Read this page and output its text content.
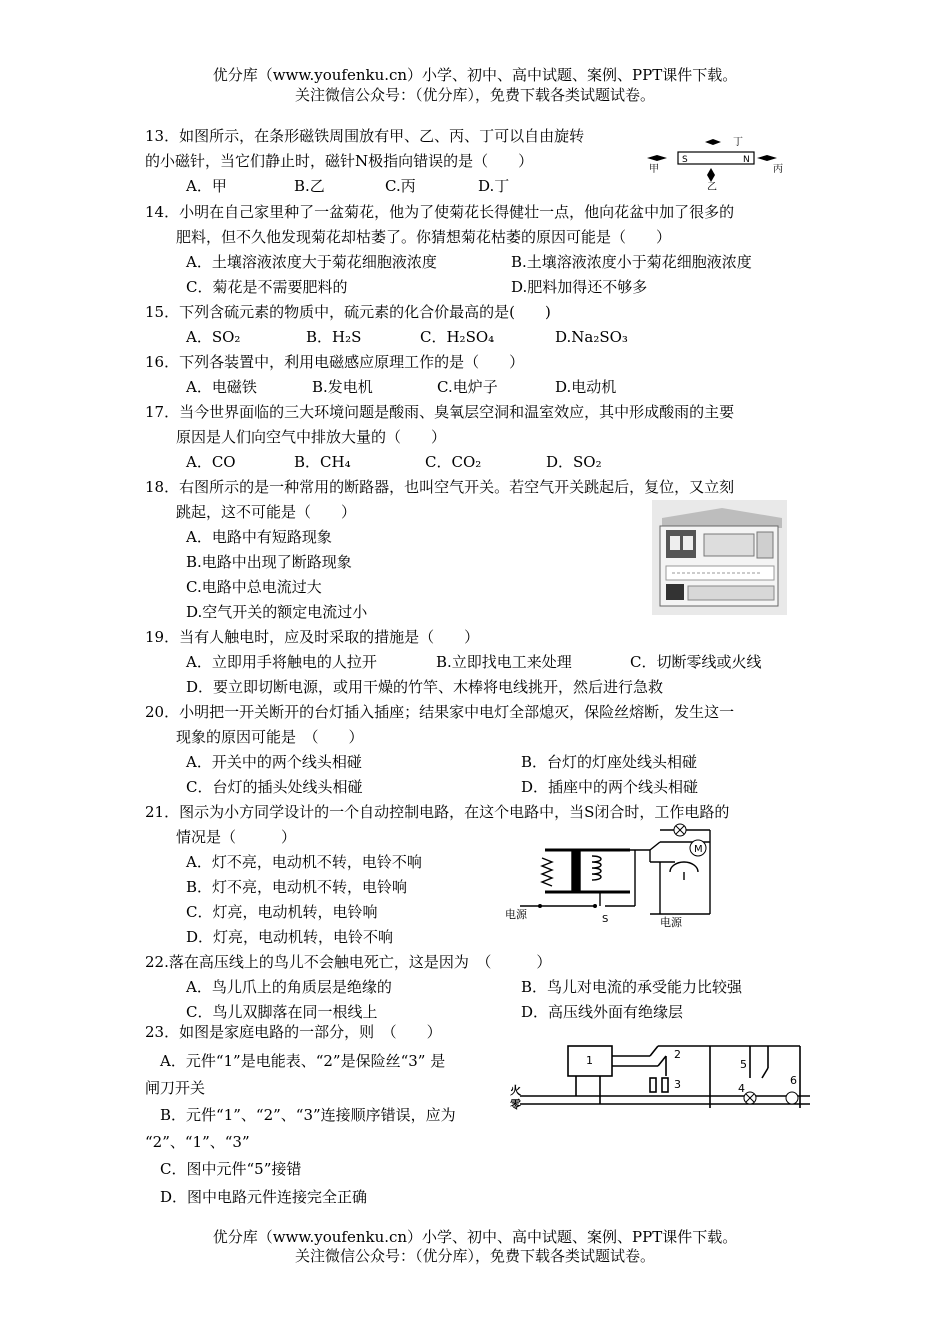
优分库（www.youfenku.cn）小学、初中、高中试题、案例、PPT课件下载。
关注微信公众号：（优分库），免费下载各类试题试卷。
13．如图所示，在条形磁铁周围放有甲、乙、丙、丁可以自由旋转
的小磁针，当它们静止时，磁针N极指向错误的是（　　）
A．甲	B.乙	C.丙	D.丁
S	N
丁
甲	丙
乙
14．小明在自己家里种了一盆菊花，他为了使菊花长得健壮一点，他向花盆中加了很多的
肥料，但不久他发现菊花却枯萎了。你猜想菊花枯萎的原因可能是（　　）
A．土壤溶液浓度大于菊花细胞液浓度	B.土壤溶液浓度小于菊花细胞液浓度
C．菊花是不需要肥料的	D.肥料加得还不够多
15．下列含硫元素的物质中，硫元素的化合价最高的是(　　)
A．SO₂	B．H₂S	C．H₂SO₄	D.Na₂SO₃
16．下列各装置中，利用电磁感应原理工作的是（　　）
A．电磁铁	B.发电机	C.电炉子	D.电动机
17．当今世界面临的三大环境问题是酸雨、臭氧层空洞和温室效应，其中形成酸雨的主要
原因是人们向空气中排放大量的（　　）
A．CO	B．CH₄	C．CO₂	D．SO₂
18．右图所示的是一种常用的断路器，也叫空气开关。若空气开关跳起后，复位，又立刻
跳起，这不可能是（　　）
A．电路中有短路现象
B.电路中出现了断路现象
C.电路中总电流过大
D.空气开关的额定电流过小
19．当有人触电时，应及时采取的措施是（　　）
A．立即用手将触电的人拉开	B.立即找电工来处理	C．切断零线或火线
D．要立即切断电源，或用干燥的竹竿、木棒将电线挑开，然后进行急救
20．小明把一开关断开的台灯插入插座；结果家中电灯全部熄灭，保险丝熔断，发生这一
现象的原因可能是　（　　）
A．开关中的两个线头相碰	B．台灯的灯座处线头相碰
C．台灯的插头处线头相碰	D．插座中的两个线头相碰
21．图示为小方同学设计的一个自动控制电路，在这个电路中，当S闭合时，工作电路的
情况是（　　　）
A．灯不亮，电动机不转，电铃不响
B．灯不亮，电动机不转，电铃响
C．灯亮，电动机转，电铃响
D．灯亮，电动机转，电铃不响
M
电源	S	电源
22.落在高压线上的鸟儿不会触电死亡，这是因为　（　　　）
A．鸟儿爪上的角质层是绝缘的	B．鸟儿对电流的承受能力比较强
C．鸟儿双脚落在同一根线上	D．高压线外面有绝缘层
23．如图是家庭电路的一部分，则　（　　）
A．元件“1”是电能表、“2”是保险丝“3” 是
闸刀开关
B．元件“1”、“2”、“3”连接顺序错误，应为
“2”、“1”、“3”
C．图中元件“5”接错
D．图中电路元件连接完全正确
火
零
1	2
3	4
5
6
优分库（www.youfenku.cn）小学、初中、高中试题、案例、PPT课件下载。
关注微信公众号：（优分库），免费下载各类试题试卷。
